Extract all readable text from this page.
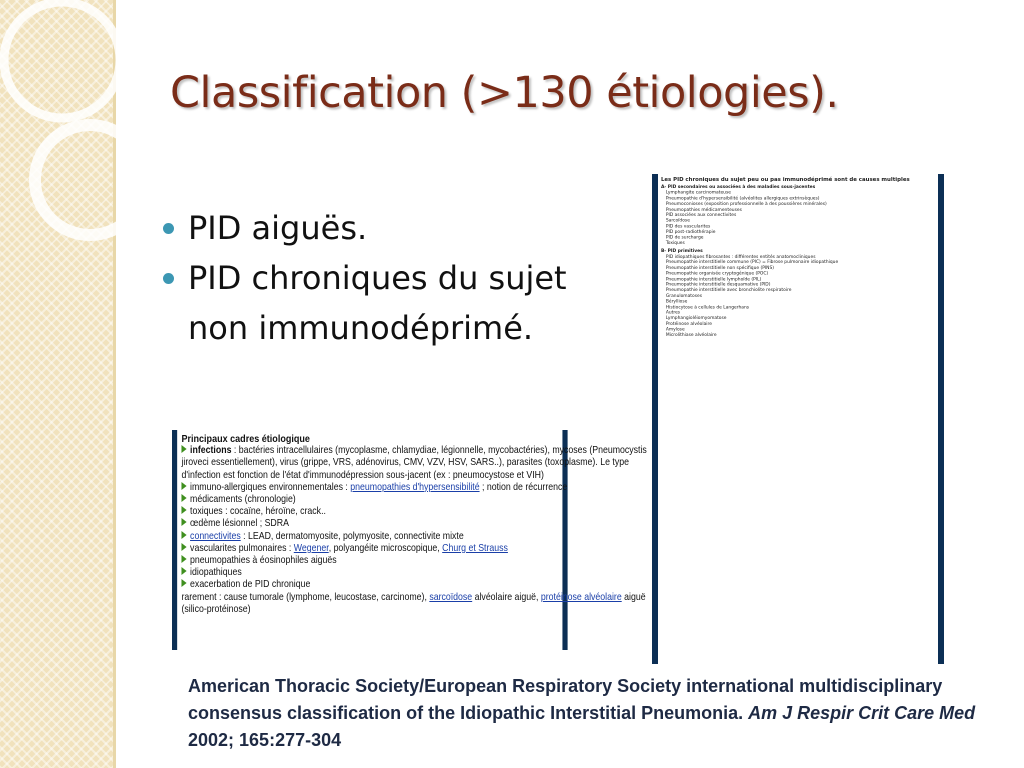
Classification (>130 étiologies).
PID aiguës.
PID chroniques du sujet non immunodéprimé.
Principaux cadres étiologique
infections : bactéries intracellulaires (mycoplasme, chlamydiae, légionnelle, mycobactéries), mycoses (Pneumocystis
jiroveci essentiellement), virus (grippe, VRS, adénovirus, CMV, VZV, HSV, SARS..), parasites (toxoplasme). Le type
d'infection est fonction de l'état d'immunodépression sous-jacent (ex : pneumocystose et VIH)
immuno-allergiques environnementales : pneumopathies d'hypersensibilité ; notion de récurrence
médicaments (chronologie)
toxiques : cocaïne, héroïne, crack..
œdème lésionnel ; SDRA
connectivites : LEAD, dermatomyosite, polymyosite, connectivite mixte
vascularites pulmonaires : Wegener, polyangéite microscopique, Churg et Strauss
pneumopathies à éosinophiles aiguës
idiopathiques
exacerbation de PID chronique
rarement : cause tumorale (lymphome, leucostase, carcinome), sarcoïdose alvéolaire aiguë, protéinose alvéolaire aiguë
(silico-protéinose)
Les PID chroniques du sujet peu ou pas immunodéprimé sont de causes multiples
A- PID secondaires ou associées à des maladies sous-jacentes
Lymphangite carcinomateuse
Pneumopathie d'hypersensibilité (alvéolites allergiques extrinsèques)
Pneumoconioses (exposition professionnelle à des poussières minérales)
Pneumopathies médicamenteuses
PID associées aux connectivites
Sarcoïdose
PID des vascularites
PID post-radiothérapie
PID de surcharge
Toxiques
B- PID primitives
PID idiopathiques fibrosantes : différentes entités anatomocliniques
Pneumopathie interstitielle commune (PIC) = Fibrose pulmonaire idiopathique
Pneumopathie interstitielle non spécifique (PINS)
Pneumopathie organisée cryptogénique (POC)
Pneumopathie interstitielle lymphoïde (PIL)
Pneumopathie interstitielle desquamative (PID)
Pneumopathie interstitielle avec bronchiolite respiratoire
Granulomatoses
Bérylliose
Histiocytose à cellules de Langerhans
Autres
Lymphangioléiomyomatose
Protéinose alvéolaire
Amylose
Microlithiase alvéolaire

American Thoracic Society/European Respiratory Society international multidisciplinary consensus classification of the Idiopathic Interstitial Pneumonia. Am J Respir Crit Care Med 2002; 165:277-304
